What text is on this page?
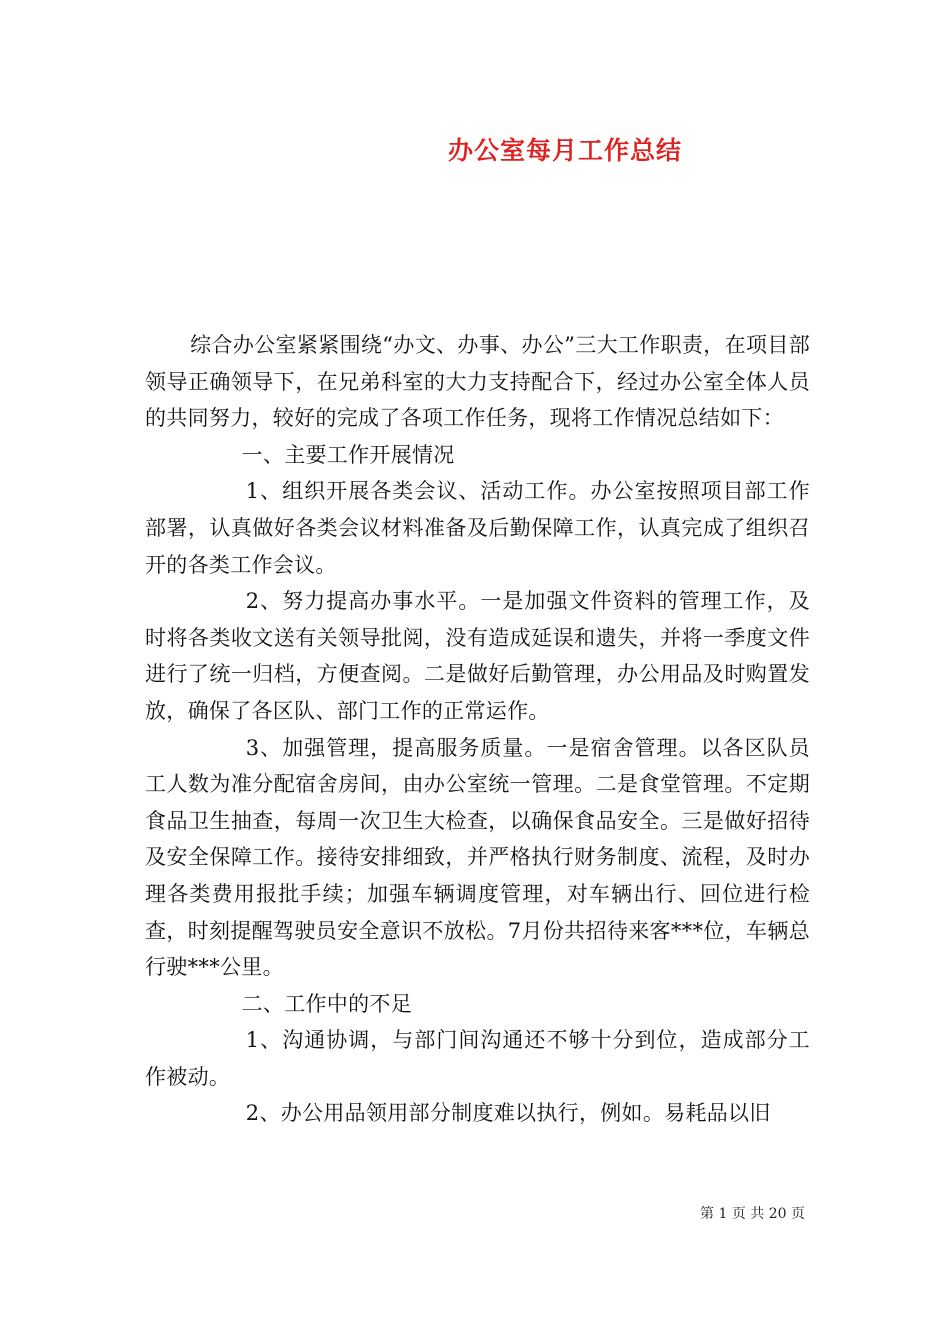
办公室每月工作总结

综合办公室紧紧围绕“办文、办事、办公”三大工作职责，在项目部领导正确领导下，在兄弟科室的大力支持配合下，经过办公室全体人员的共同努力，较好的完成了各项工作任务，现将工作情况总结如下：

一、主要工作开展情况

1、组织开展各类会议、活动工作。办公室按照项目部工作部署，认真做好各类会议材料准备及后勤保障工作，认真完成了组织召开的各类工作会议。

2、努力提高办事水平。一是加强文件资料的管理工作，及时将各类收文送有关领导批阅，没有造成延误和遗失，并将一季度文件进行了统一归档，方便查阅。二是做好后勤管理，办公用品及时购置发放，确保了各区队、部门工作的正常运作。

3、加强管理，提高服务质量。一是宿舍管理。以各区队员工人数为准分配宿舍房间，由办公室统一管理。二是食堂管理。不定期食品卫生抽查，每周一次卫生大检查，以确保食品安全。三是做好招待及安全保障工作。接待安排细致，并严格执行财务制度、流程，及时办理各类费用报批手续；加强车辆调度管理，对车辆出行、回位进行检查，时刻提醒驾驶员安全意识不放松。7月份共招待来客***位，车辆总行驶***公里。

二、工作中的不足

1、沟通协调，与部门间沟通还不够十分到位，造成部分工作被动。

2、办公用品领用部分制度难以执行，例如。易耗品以旧

第 1 页 共 20 页
